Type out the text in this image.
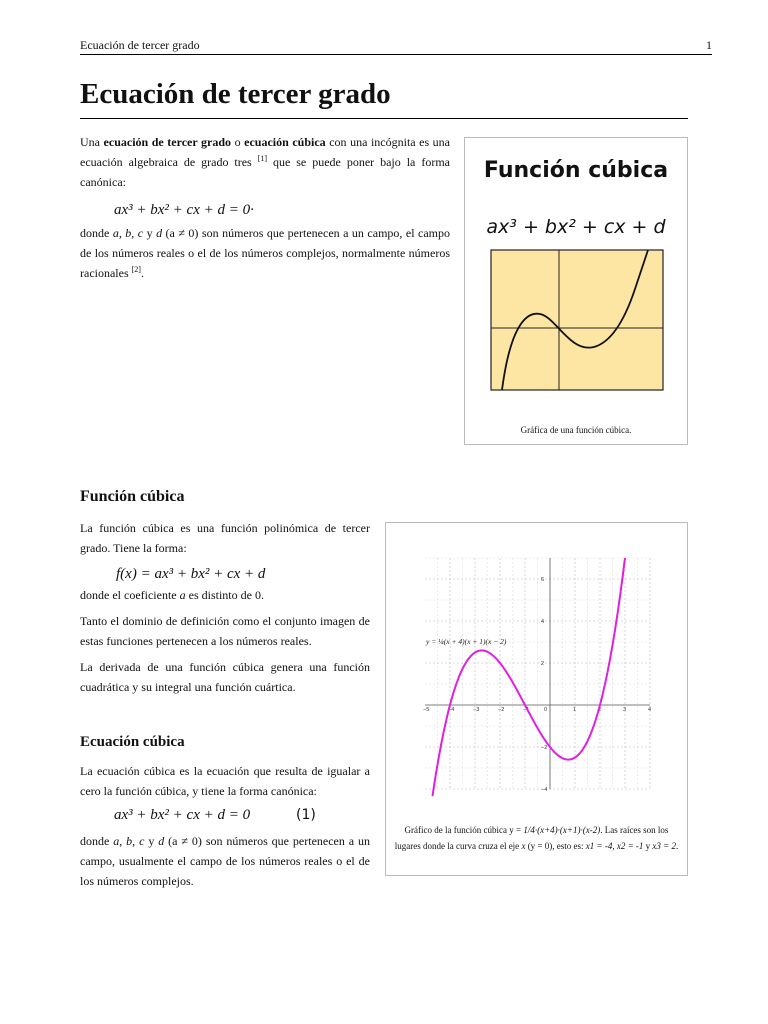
Ecuación de tercer grado	1
Ecuación de tercer grado

Una ecuación de tercer grado o ecuación cúbica con una incógnita es una ecuación algebraica de grado tres [1] que se puede poner bajo la forma canónica:

ax³ + bx² + cx + d = 0·

donde a, b, c y d (a ≠ 0) son números que pertenecen a un campo, el campo de los números reales o el de los números complejos, normalmente números racionales [2].

Función cúbica
ax³ + bx² + cx + d
Gráfica de una función cúbica.
Función cúbica

La función cúbica es una función polinómica de tercer grado. Tiene la forma:

f(x) = ax³ + bx² + cx + d

donde el coeficiente a es distinto de 0.

Tanto el dominio de definición como el conjunto imagen de estas funciones pertenecen a los números reales.

La derivada de una función cúbica genera una función cuadrática y su integral una función cuártica.

Ecuación cúbica

La ecuación cúbica es la ecuación que resulta de igualar a cero la función cúbica, y tiene la forma canónica:

ax³ + bx² + cx + d = 0	(1)

donde a, b, c y d (a ≠ 0) son números que pertenecen a un campo, usualmente el campo de los números reales o el de los números complejos.

−5	−4	−3	−2	−1	0	1	2	3	4
−4
−2
2
4
6
y = ¼(x + 4)(x + 1)(x − 2)
Gráfico de la función cúbica y = 1/4·(x+4)·(x+1)·(x-2). Las raíces son los lugares donde la curva cruza el eje x (y = 0), esto es: x1 = -4, x2 = -1 y x3 = 2.
